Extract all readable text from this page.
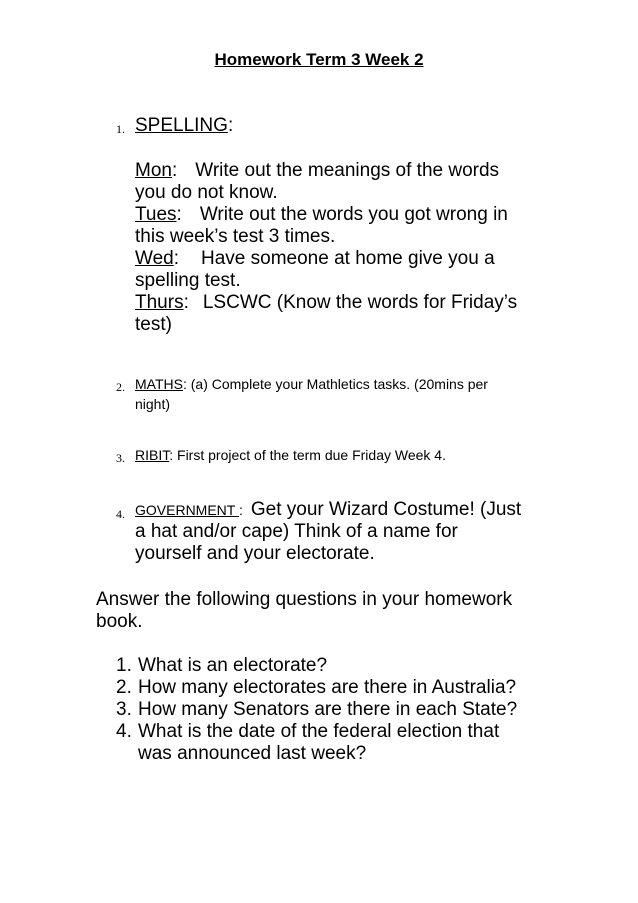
Homework Term 3 Week 2
1. SPELLING:
Mon: Write out the meanings of the words
you do not know.
Tues: Write out the words you got wrong in
this week’s test 3 times.
Wed: Have someone at home give you a
spelling test.
Thurs: LSCWC (Know the words for Friday’s
test)
2. MATHS: (a) Complete your Mathletics tasks. (20mins per
night)
3. RIBIT: First project of the term due Friday Week 4.
4. GOVERNMENT : Get your Wizard Costume! (Just
a hat and/or cape) Think of a name for
yourself and your electorate.
Answer the following questions in your homework
book.
1. What is an electorate?
2. How many electorates are there in Australia?
3. How many Senators are there in each State?
4. What is the date of the federal election that
was announced last week?
